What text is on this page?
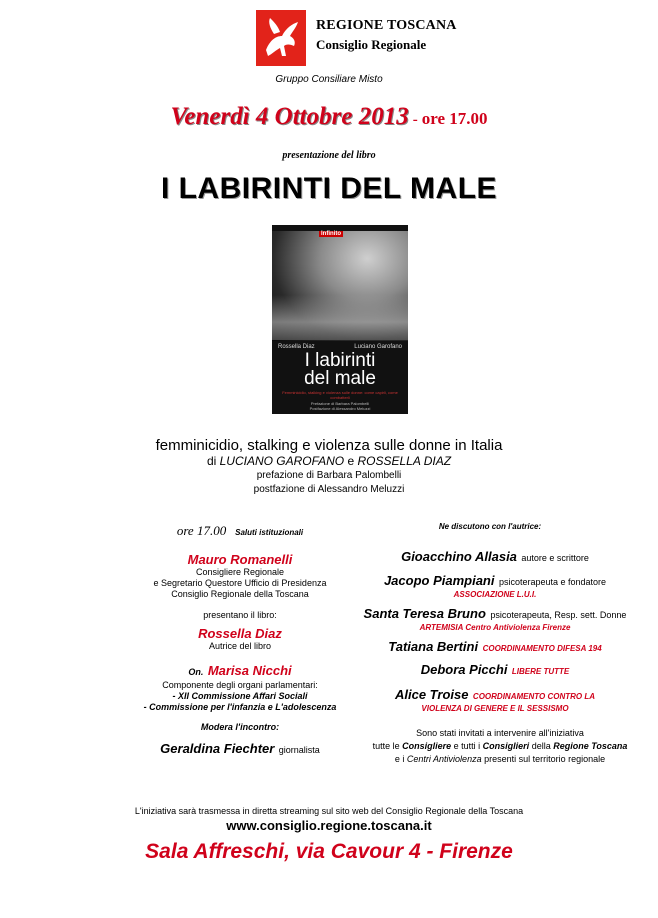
REGIONE TOSCANA
Consiglio Regionale
Gruppo Consiliare Misto
Venerdì 4 Ottobre 2013 - ore 17.00
presentazione del libro
I LABIRINTI DEL MALE
Infinito
Rossella Diaz	Luciano Garofano
I labirinti
del male
Femminicidio, stalking e violenza sulle donne: come capirli, come combatterli
Prefazione di Barbara Palombelli
Postfazione di Alessandro Meluzzi
femminicidio, stalking e violenza sulle donne in Italia
di LUCIANO GAROFANO e ROSSELLA DIAZ
prefazione di Barbara Palombelli
postfazione di Alessandro Meluzzi
ore 17.00 Saluti istituzionali
Mauro Romanelli
Consigliere Regionale
e Segretario Questore Ufficio di Presidenza
Consiglio Regionale della Toscana
presentano il libro:
Rossella Diaz
Autrice del libro
On. Marisa Nicchi
Componente degli organi parlamentari:
- XII Commissione Affari Sociali
- Commissione per l'infanzia e L'adolescenza
Modera l'incontro:
Geraldina Fiechter giornalista
Ne discutono con l'autrice:
Gioacchino Allasia autore e scrittore
Jacopo Piampiani psicoterapeuta e fondatore
ASSOCIAZIONE L.U.I.
Santa Teresa Bruno psicoterapeuta, Resp. sett. Donne
ARTEMISIA Centro Antiviolenza Firenze
Tatiana Bertini COORDINAMENTO DIFESA 194
Debora Picchi LIBERE TUTTE
Alice Troise COORDINAMENTO CONTRO LA
VIOLENZA DI GENERE E IL SESSISMO
Sono stati invitati a intervenire all'iniziativa
tutte le Consigliere e tutti i Consiglieri della Regione Toscana
e i Centri Antiviolenza presenti sul territorio regionale
L'iniziativa sarà trasmessa in diretta streaming sul sito web del Consiglio Regionale della Toscana
www.consiglio.regione.toscana.it
Sala Affreschi, via Cavour 4 - Firenze
